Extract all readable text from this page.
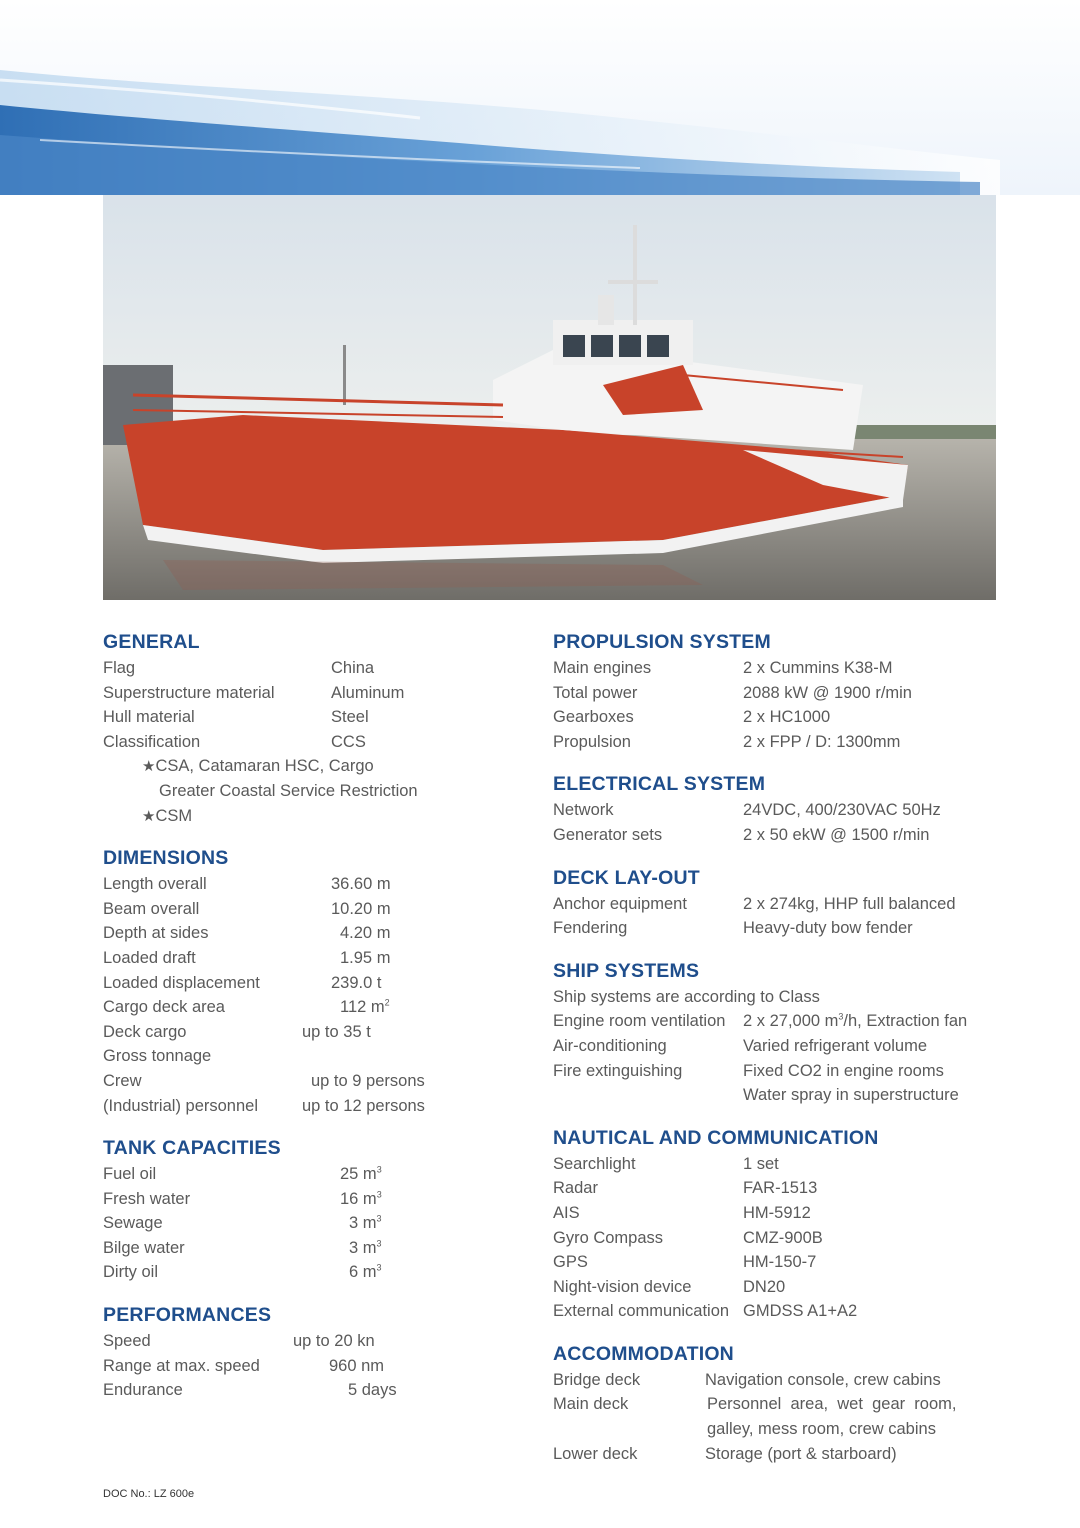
GENERAL
Flag	China
Superstructure material	Aluminum
Hull material	Steel
Classification	CCS
★CSA, Catamaran HSC, Cargo
Greater Coastal Service Restriction
★CSM
DIMENSIONS
Length overall	36.60 m
Beam overall	10.20 m
Depth at sides	4.20 m
Loaded draft	1.95 m
Loaded displacement	239.0 t
Cargo deck area	112 $m^2$
Deck cargo	up to 35 t
Gross tonnage
Crew	up to 9 persons
(Industrial) personnel	up to 12 persons
TANK CAPACITIES
Fuel oil	25 $m^3$
Fresh water	16 $m^3$
Sewage	3 $m^3$
Bilge water	3 $m^3$
Dirty oil	6 $m^3$
PERFORMANCES
Speed	up to 20 kn
Range at max. speed	960 nm
Endurance	5 days
PROPULSION SYSTEM
Main engines	2 x Cummins K38-M
Total power	2088 kW @ 1900 r/min
Gearboxes	2 x HC1000
Propulsion	2 x FPP / D: 1300mm
ELECTRICAL SYSTEM
Network	24VDC, 400/230VAC 50Hz
Generator sets	2 x 50 ekW @ 1500 r/min
DECK LAY-OUT
Anchor equipment	2 x 274kg, HHP full balanced
Fendering	Heavy-duty bow fender
SHIP SYSTEMS
Ship systems are according to Class
Engine room ventilation 2 x 27,000 $m^3/h$, Extraction fan
Air-conditioning	Varied refrigerant volume
Fire extinguishing	Fixed CO2 in engine rooms
Water spray in superstructure
NAUTICAL AND COMMUNICATION
Searchlight	1 set
Radar	FAR-1513
AIS	HM-5912
Gyro Compass	CMZ-900B
GPS	HM-150-7
Night-vision device	DN20
External communication GMDSS A1+A2
ACCOMMODATION
Bridge deck	Navigation console, crew cabins
Main deck	Personnel  area,  wet  gear  room,
galley, mess room, crew cabins
Lower deck	Storage (port & starboard)
DOC No.: LZ 600e
